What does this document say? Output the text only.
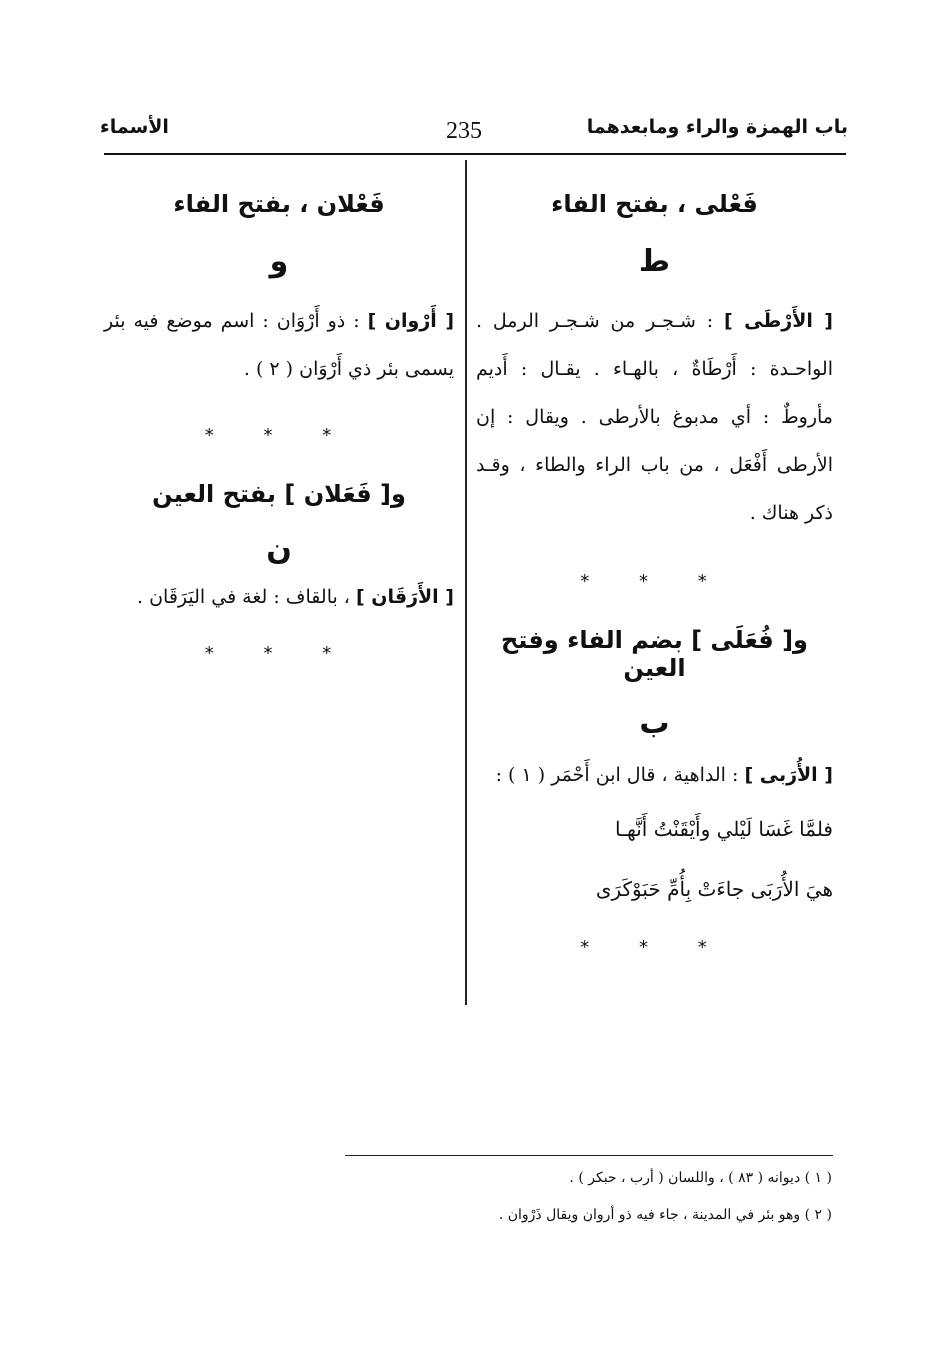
باب الهمزة والراء ومابعدهما
235
الأسماء
فَعْلى ، بفتح الفاء
ط
[ الأَرْطَى ] : شـجـر من شـجـر الرمل . الواحـدة : أَرْطَاةٌ ، بالهـاء . يقـال : أَديم مأروطٌ : أي مدبوغ بالأرطى . ويقال : إن الأرطى أَفْعَل ، من باب الراء والطاء ، وقـد ذكر هناك .
* * *
و[ فُعَلَى ] بضم الفاء وفتح العين
ب
[ الأُرَبى ] : الداهية ، قال ابن أَحْمَر ( ١ ) :
فلمَّا غَسَا لَيْلي وأَيْقَنْتُ أَنَّهـا
هيَ الأُرَبَى جاءَتْ بِأُمِّ حَبَوْكَرَى
* * *
فَعْلان ، بفتح الفاء
و
[ أَرْوان ] : ذو أَرْوَان : اسم موضع فيه بئر يسمى بئر ذي أَرْوَان ( ٢ ) .
* * *
و[ فَعَلان ] بفتح العين
ن
[ الأَرَقَان ] ، بالقاف : لغة في اليَرَقَان .
* * *
( ١ ) ديوانه ( ٨٣ ) ، واللسان ( أرب ، حبكر ) .
( ٢ ) وهو بئر في المدينة ، جاء فيه ذو أروان ويقال ذَرْوان .
